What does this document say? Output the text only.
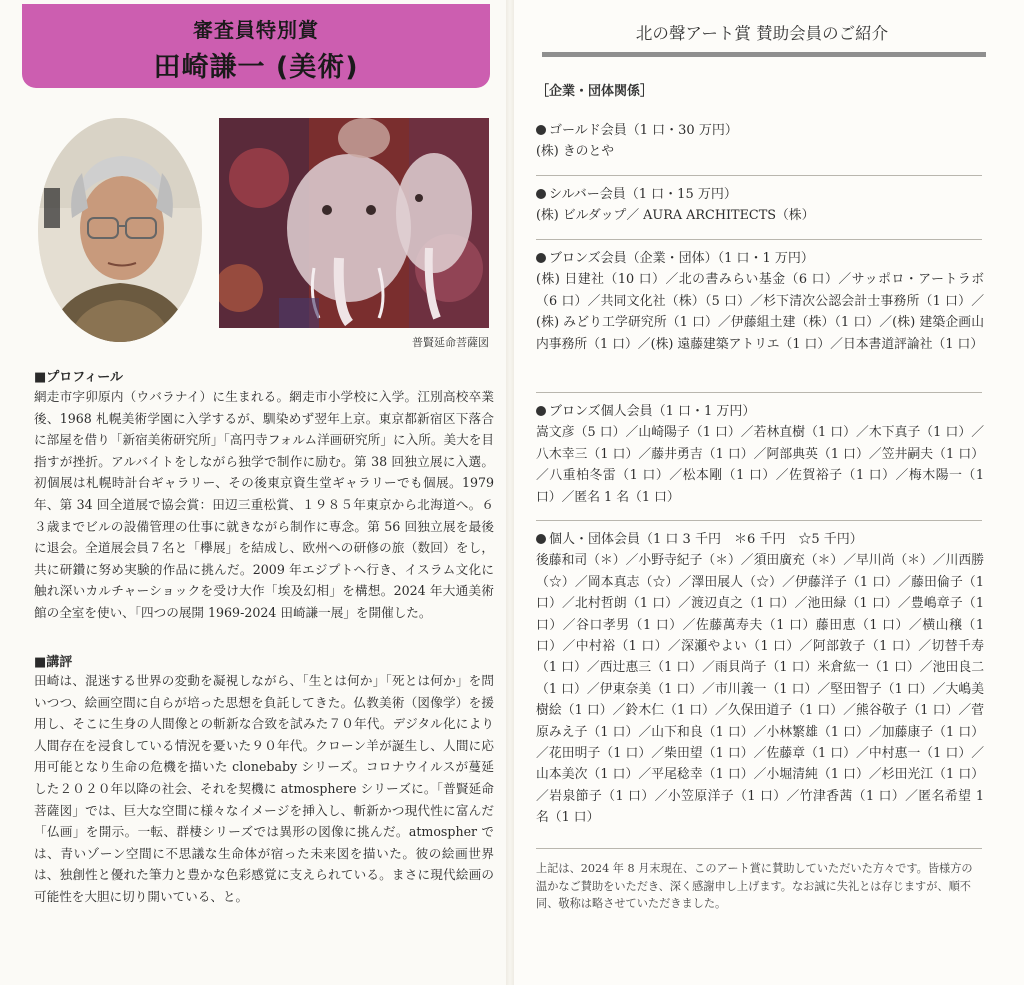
審査員特別賞
田崎謙一 (美術)
普賢延命菩薩図
■プロフィール
網走市字卯原内（ウバラナイ）に生まれる。網走市小学校に入学。江別高校卒業後、1968 札幌美術学園に入学するが、馴染めず翌年上京。東京都新宿区下落合に部屋を借り「新宿美術研究所」「高円寺フォルム洋画研究所」に入所。美大を目指すが挫折。アルバイトをしながら独学で制作に励む。第 38 回独立展に入選。初個展は札幌時計台ギャラリー、その後東京資生堂ギャラリーでも個展。1979 年、第 34 回全道展で協会賞：田辺三重松賞、１９８５年東京から北海道へ。６３歳までビルの設備管理の仕事に就きながら制作に専念。第 56 回独立展を最後に退会。全道展会員７名と「欅展」を結成し、欧州への研修の旅（数回）をし，共に研鑽に努め実験的作品に挑んだ。2009 年エジプトへ行き、イスラム文化に触れ深いカルチャーショックを受け大作「埃及幻相」を構想。2024 年大通美術館の全室を使い、「四つの展開 1969-2024 田崎謙一展」を開催した。
■講評
田崎は、混迷する世界の変動を凝視しながら、「生とは何か」「死とは何か」を問いつつ、絵画空間に自らが培った思想を負託してきた。仏教美術（図像学）を援用し、そこに生身の人間像との斬新な合致を試みた７０年代。デジタル化により人間存在を浸食している情況を憂いた９０年代。クローン羊が誕生し、人間に応用可能となり生命の危機を描いた clonebaby シリーズ。コロナウイルスが蔓延した２０２０年以降の社会、それを契機に atmosphere シリーズに。「普賢延命菩薩図」では、巨大な空間に様々なイメージを挿入し、斬新かつ現代性に富んだ「仏画」を開示。一転、群棲シリーズでは異形の図像に挑んだ。atmospher では、青いゾーン空間に不思議な生命体が宿った未来図を描いた。彼の絵画世界は、独創性と優れた筆力と豊かな色彩感覚に支えられている。まさに現代絵画の可能性を大胆に切り開いている、と。
北の聲アート賞 賛助会員のご紹介
［企業・団体関係］
ゴールド会員（1 口・30 万円）
(株) きのとや
シルバー会員（1 口・15 万円）
(株) ビルダップ／ AURA ARCHITECTS（株）
ブロンズ会員（企業・団体）（1 口・1 万円）
(株) 日建社（10 口）／北の書みらい基金（6 口）／サッポロ・アートラボ（6 口）／共同文化社（株）（5 口）／杉下清次公認会計士事務所（1 口）／(株) みどり工学研究所（1 口）／伊藤組土建（株）（1 口）／(株) 建築企画山内事務所（1 口）／(株) 遠藤建築アトリエ（1 口）／日本書道評論社（1 口）
ブロンズ個人会員（1 口・1 万円）
嵩文彦（5 口）／山崎陽子（1 口）／若林直樹（1 口）／木下真子（1 口）／八木幸三（1 口）／藤井勇吉（1 口）／阿部典英（1 口）／笠井嗣夫（1 口）／八重柏冬雷（1 口）／松本剛（1 口）／佐賀裕子（1 口）／梅木陽一（1 口）／匿名 1 名（1 口）
個人・団体会員（1 口 3 千円　＊6 千円　☆5 千円）
後藤和司（＊）／小野寺紀子（＊）／須田廣充（＊）／早川尚（＊）／川西勝（☆）／岡本真志（☆）／澤田展人（☆）／伊藤洋子（1 口）／藤田倫子（1 口）／北村哲朗（1 口）／渡辺貞之（1 口）／池田緑（1 口）／豊嶋章子（1 口）／谷口孝男（1 口）／佐藤萬寿夫（1 口）藤田恵（1 口）／横山穣（1 口）／中村裕（1 口）／深瀬やよい（1 口）／阿部敦子（1 口）／切替千寿（1 口）／西辻惠三（1 口）／雨貝尚子（1 口）米倉紘一（1 口）／池田良二（1 口）／伊東奈美（1 口）／市川義一（1 口）／堅田智子（1 口）／大嶋美樹絵（1 口）／鈴木仁（1 口）／久保田道子（1 口）／熊谷敬子（1 口）／菅原みえ子（1 口）／山下和良（1 口）／小林繁雄（1 口）／加藤康子（1 口）／花田明子（1 口）／柴田望（1 口）／佐藤章（1 口）／中村惠一（1 口）／山本美次（1 口）／平尾稔幸（1 口）／小堀清純（1 口）／杉田光江（1 口）／岩泉節子（1 口）／小笠原洋子（1 口）／竹津香茜（1 口）／匿名希望 1 名（1 口）
上記は、2024 年 8 月末現在、このアート賞に賛助していただいた方々です。皆様方の温かなご賛助をいただき、深く感謝申し上げます。なお誠に失礼とは存じますが、順不同、敬称は略させていただきました。
